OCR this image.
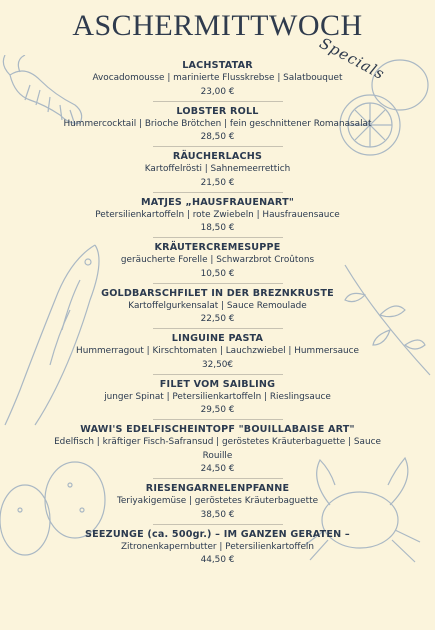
ASCHERMITTWOCH
Specials
LACHSTATAR
Avocadomousse | marinierte Flusskrebse | Salatbouquet
23,00 €
LOBSTER ROLL
Hummercocktail | Brioche Brötchen | fein geschnittener Romanasalat
28,50 €
RÄUCHERLACHS
Kartoffelrösti | Sahnemeerrettich
21,50 €
MATJES „HAUSFRAUENART"
Petersilienkartoffeln | rote Zwiebeln | Hausfrauensauce
18,50 €
KRÄUTERCREMESUPPE
geräucherte Forelle | Schwarzbrot Croûtons
10,50 €
GOLDBARSCHFILET IN DER BREZNKRUSTE
Kartoffelgurkensalat | Sauce Remoulade
22,50 €
LINGUINE PASTA
Hummerragout | Kirschtomaten | Lauchzwiebel | Hummersauce
32,50€
FILET VOM SAIBLING
junger Spinat | Petersilienkartoffeln | Rieslingsauce
29,50 €
WAWI'S EDELFISCHEINTOPF "BOUILLABAISE ART"
Edelfisch | kräftiger Fisch-Safransud | geröstetes Kräuterbaguette | Sauce Rouille
24,50 €
RIESENGARNELENPFANNE
Teriyakigemüse | geröstetes Kräuterbaguette
38,50 €
SEEZUNGE (ca. 500gr.) – IM GANZEN GERATEN –
Zitronenkapernbutter | Petersilienkartoffeln
44,50 €
